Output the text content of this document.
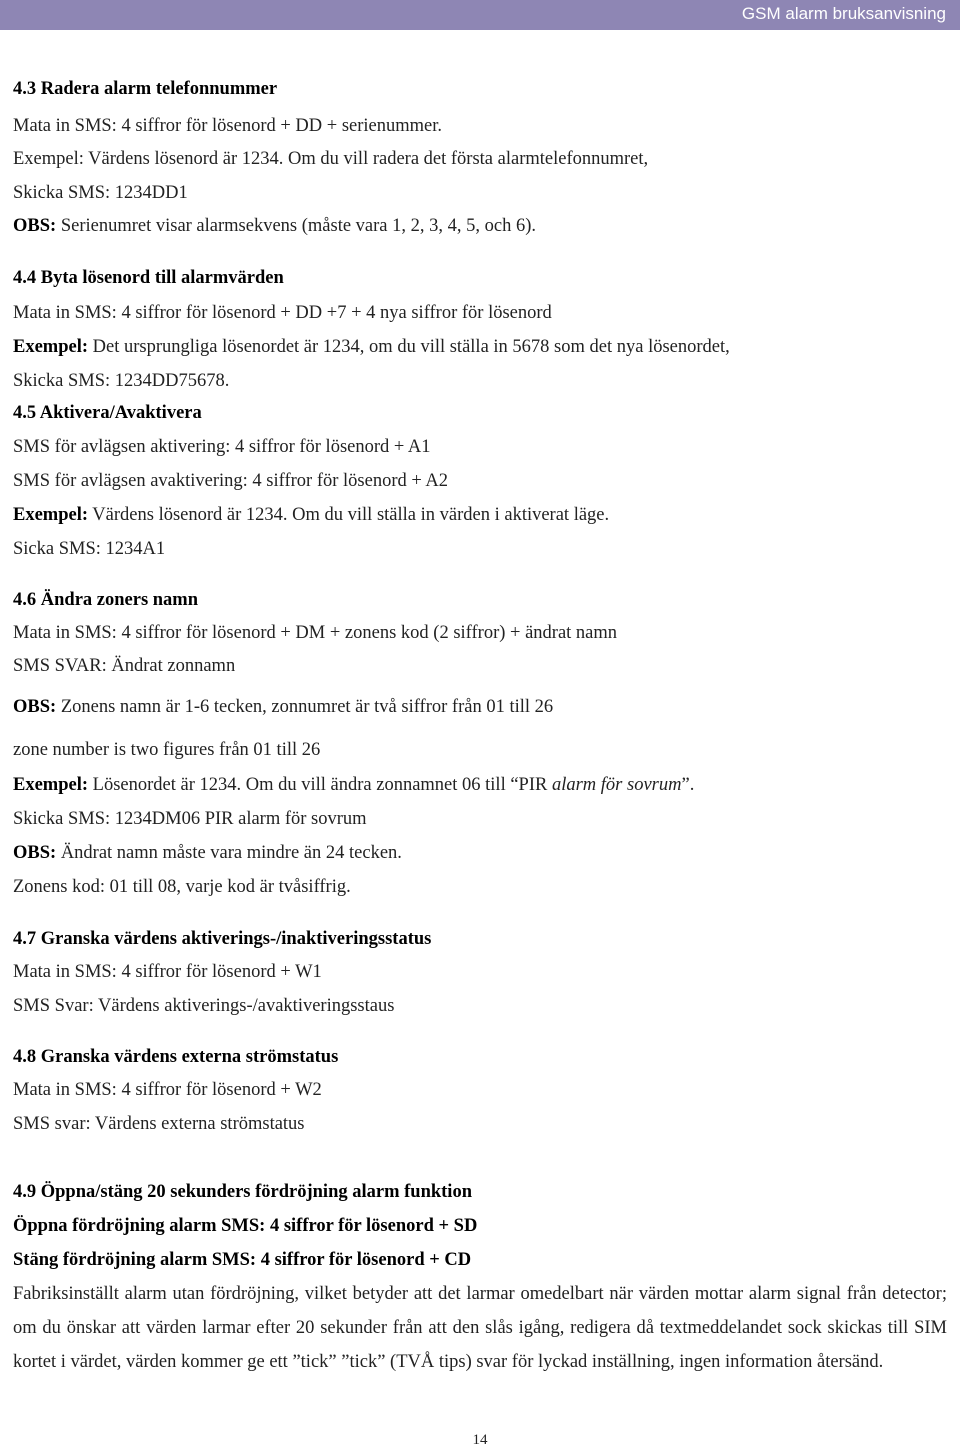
GSM alarm bruksanvisning
4.3 Radera alarm telefonnummer
Mata in SMS: 4 siffror för lösenord + DD + serienummer.
Exempel: Värdens lösenord är 1234. Om du vill radera det första alarmtelefonnumret,
Skicka SMS: 1234DD1
OBS: Serienumret visar alarmsekvens (måste vara 1, 2, 3, 4, 5, och 6).
4.4 Byta lösenord till alarmvärden
Mata in SMS: 4 siffror för lösenord + DD +7 + 4 nya siffror för lösenord
Exempel: Det ursprungliga lösenordet är 1234, om du vill ställa in 5678 som det nya lösenordet,
Skicka SMS: 1234DD75678.
4.5 Aktivera/Avaktivera
SMS för avlägsen aktivering: 4 siffror för lösenord + A1
SMS för avlägsen avaktivering: 4 siffror för lösenord + A2
Exempel: Värdens lösenord är 1234. Om du vill ställa in värden i aktiverat läge.
Sicka SMS: 1234A1
4.6 Ändra zoners namn
Mata in SMS: 4 siffror för lösenord + DM + zonens kod (2 siffror) + ändrat namn
SMS SVAR: Ändrat zonnamn
OBS: Zonens namn är 1-6 tecken, zonnumret är två siffror från 01 till 26
zone number is two figures från 01 till 26
Exempel: Lösenordet är 1234. Om du vill ändra zonnamnet 06 till “PIR alarm för sovrum”.
Skicka SMS: 1234DM06 PIR alarm för sovrum
OBS: Ändrat namn måste vara mindre än 24 tecken.
Zonens kod: 01 till 08, varje kod är tvåsiffrig.
4.7 Granska värdens aktiverings-/inaktiveringsstatus
Mata in SMS: 4 siffror för lösenord + W1
SMS Svar: Värdens aktiverings-/avaktiveringsstaus
4.8 Granska värdens externa strömstatus
Mata in SMS: 4 siffror för lösenord + W2
SMS svar: Värdens externa strömstatus
4.9 Öppna/stäng 20 sekunders fördröjning alarm funktion
Öppna fördröjning alarm SMS: 4 siffror för lösenord + SD
Stäng fördröjning alarm SMS: 4 siffror för lösenord + CD
Fabriksinställt alarm utan fördröjning, vilket betyder att det larmar omedelbart när värden mottar alarm signal från detector; om du önskar att värden larmar efter 20 sekunder från att den slås igång, redigera då textmeddelandet sock skickas till SIM kortet i värdet, värden kommer ge ett ”tick” ”tick” (TVÅ tips) svar för lyckad inställning, ingen information återsänd.
14
